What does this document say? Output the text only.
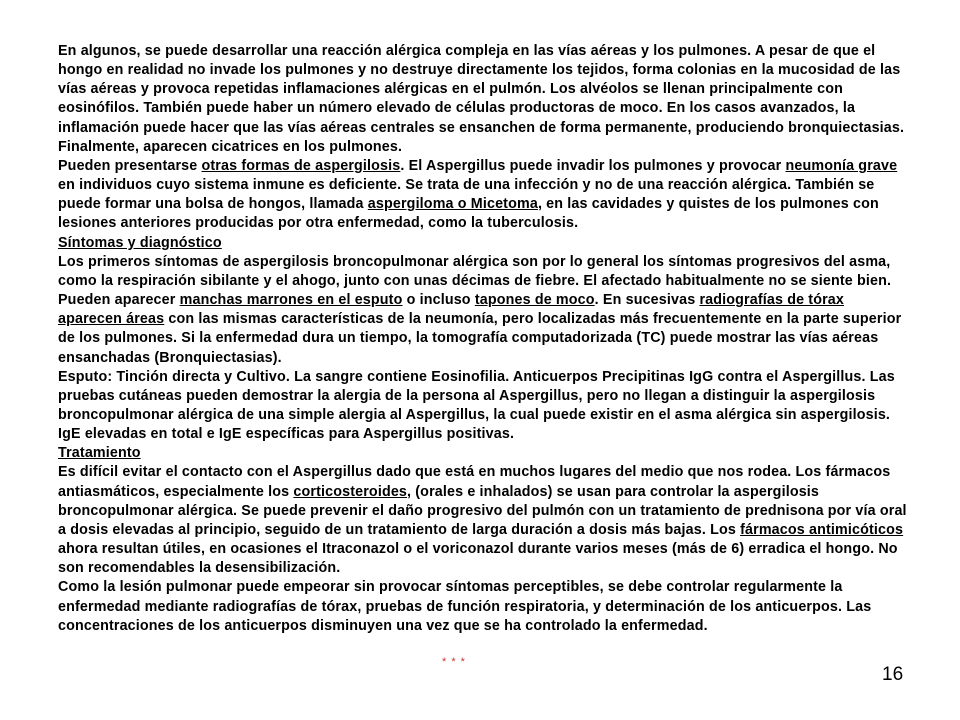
En algunos, se puede desarrollar una reacción alérgica compleja en las vías aéreas y los pulmones. A pesar de que el hongo en realidad no invade los pulmones y no destruye directamente los tejidos, forma colonias en la mucosidad de las vías aéreas y provoca repetidas inflamaciones alérgicas en el pulmón. Los alvéolos se llenan principalmente con eosinófilos. También puede haber un número elevado de células productoras de moco. En los casos avanzados, la inflamación puede hacer que las vías aéreas centrales se ensanchen de forma permanente, produciendo bronquiectasias. Finalmente, aparecen cicatrices en los pulmones.

Pueden presentarse otras formas de aspergilosis. El Aspergillus puede invadir los pulmones y provocar neumonía grave en individuos cuyo sistema inmune es deficiente. Se trata de una infección y no de una reacción alérgica. También se puede formar una bolsa de hongos, llamada aspergiloma o Micetoma, en las cavidades y quistes de los pulmones con lesiones anteriores producidas por otra enfermedad, como la tuberculosis.

Síntomas y diagnóstico

Los primeros síntomas de aspergilosis broncopulmonar alérgica son por lo general los síntomas progresivos del asma, como la respiración sibilante y el ahogo, junto con unas décimas de fiebre. El afectado habitualmente no se siente bien. Pueden aparecer manchas marrones en el esputo o incluso tapones de moco. En sucesivas radiografías de tórax aparecen áreas con las mismas características de la neumonía, pero localizadas más frecuentemente en la parte superior de los pulmones. Si la enfermedad dura un tiempo, la tomografía computadorizada (TC) puede mostrar las vías aéreas ensanchadas (Bronquiectasias).

Esputo: Tinción directa y Cultivo. La sangre contiene Eosinofilia. Anticuerpos Precipitinas IgG contra el Aspergillus. Las pruebas cutáneas pueden demostrar la alergia de la persona al Aspergillus, pero no llegan a distinguir la aspergilosis broncopulmonar alérgica de una simple alergia al Aspergillus, la cual puede existir en el asma alérgica sin aspergilosis. IgE elevadas en total e IgE específicas para Aspergillus positivas.

Tratamiento

Es difícil evitar el contacto con el Aspergillus dado que está en muchos lugares del medio que nos rodea. Los fármacos antiasmáticos, especialmente los corticosteroides, (orales e inhalados) se usan para controlar la aspergilosis broncopulmonar alérgica. Se puede prevenir el daño progresivo del pulmón con un tratamiento de prednisona por vía oral a dosis elevadas al principio, seguido de un tratamiento de larga duración a dosis más bajas. Los fármacos antimicóticos ahora resultan útiles, en ocasiones el Itraconazol o el voriconazol durante varios meses (más de 6) erradica el hongo. No son recomendables la desensibilización.

Como la lesión pulmonar puede empeorar sin provocar síntomas perceptibles, se debe controlar regularmente la enfermedad mediante radiografías de tórax, pruebas de función respiratoria, y determinación de los anticuerpos. Las concentraciones de los anticuerpos disminuyen una vez que se ha controlado la enfermedad.

* * *
16
